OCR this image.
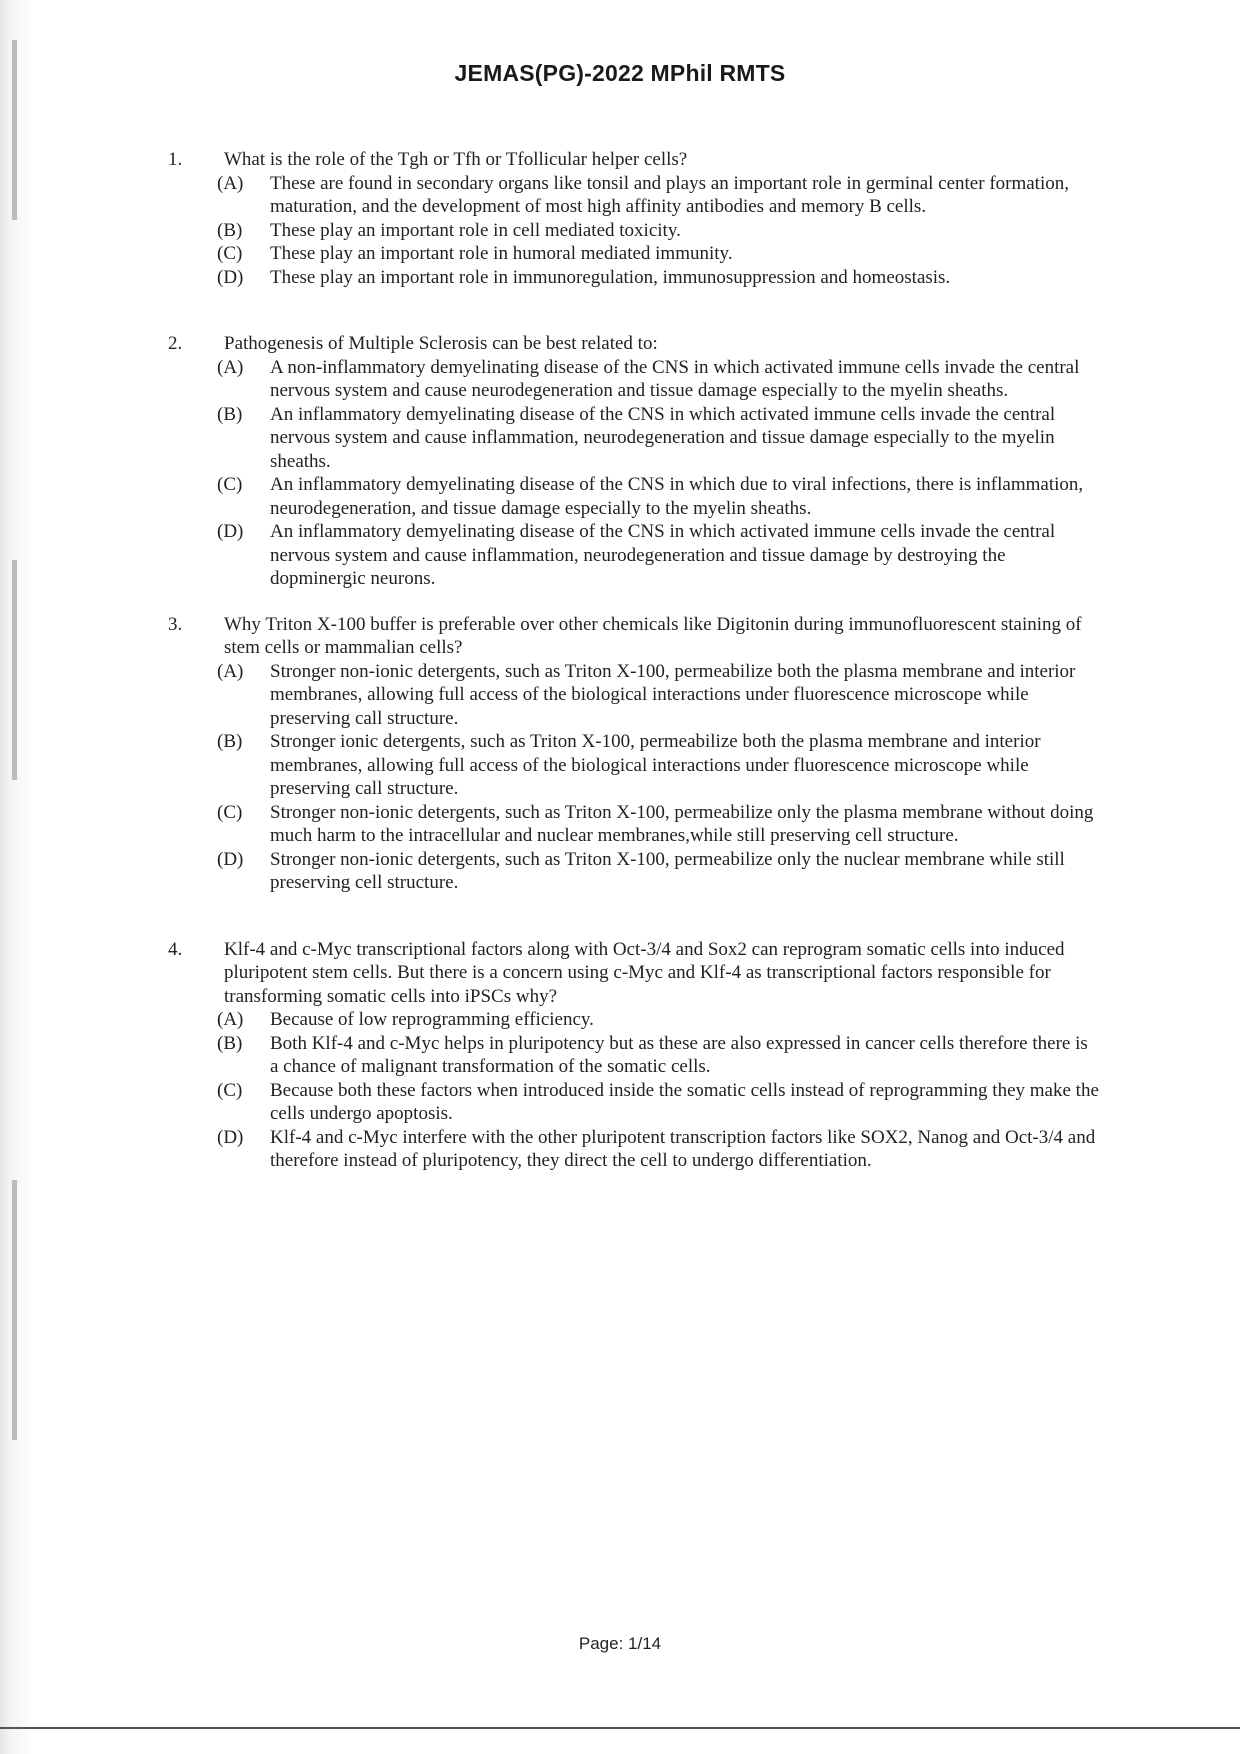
JEMAS(PG)-2022 MPhil RMTS
1. What is the role of the Tgh or Tfh or Tfollicular helper cells?
(A) These are found in secondary organs like tonsil and plays an important role in germinal center formation, maturation, and the development of most high affinity antibodies and memory B cells.
(B) These play an important role in cell mediated toxicity.
(C) These play an important role in humoral mediated immunity.
(D) These play an important role in immunoregulation, immunosuppression and homeostasis.
2. Pathogenesis of Multiple Sclerosis can be best related to:
(A) A non-inflammatory demyelinating disease of the CNS in which activated immune cells invade the central nervous system and cause neurodegeneration and tissue damage especially to the myelin sheaths.
(B) An inflammatory demyelinating disease of the CNS in which activated immune cells invade the central nervous system and cause inflammation, neurodegeneration and tissue damage especially to the myelin sheaths.
(C) An inflammatory demyelinating disease of the CNS in which due to viral infections, there is inflammation, neurodegeneration, and tissue damage especially to the myelin sheaths.
(D) An inflammatory demyelinating disease of the CNS in which activated immune cells invade the central nervous system and cause inflammation, neurodegeneration and tissue damage by destroying the dopminergic neurons.
3. Why Triton X-100 buffer is preferable over other chemicals like Digitonin during immunofluorescent staining of stem cells or mammalian cells?
(A) Stronger non-ionic detergents, such as Triton X-100, permeabilize both the plasma membrane and interior membranes, allowing full access of the biological interactions under fluorescence microscope while preserving call structure.
(B) Stronger ionic detergents, such as Triton X-100, permeabilize both the plasma membrane and interior membranes, allowing full access of the biological interactions under fluorescence microscope while preserving call structure.
(C) Stronger non-ionic detergents, such as Triton X-100, permeabilize only the plasma membrane without doing much harm to the intracellular and nuclear membranes,while still preserving cell structure.
(D) Stronger non-ionic detergents, such as Triton X-100, permeabilize only the nuclear membrane while still preserving cell structure.
4. Klf-4 and c-Myc transcriptional factors along with Oct-3/4 and Sox2 can reprogram somatic cells into induced pluripotent stem cells. But there is a concern using c-Myc and Klf-4 as transcriptional factors responsible for transforming somatic cells into iPSCs why?
(A) Because of low reprogramming efficiency.
(B) Both Klf-4 and c-Myc helps in pluripotency but as these are also expressed in cancer cells therefore there is a chance of malignant transformation of the somatic cells.
(C) Because both these factors when introduced inside the somatic cells instead of reprogramming they make the cells undergo apoptosis.
(D) Klf-4 and c-Myc interfere with the other pluripotent transcription factors like SOX2, Nanog and Oct-3/4 and therefore instead of pluripotency, they direct the cell to undergo differentiation.
Page: 1/14
